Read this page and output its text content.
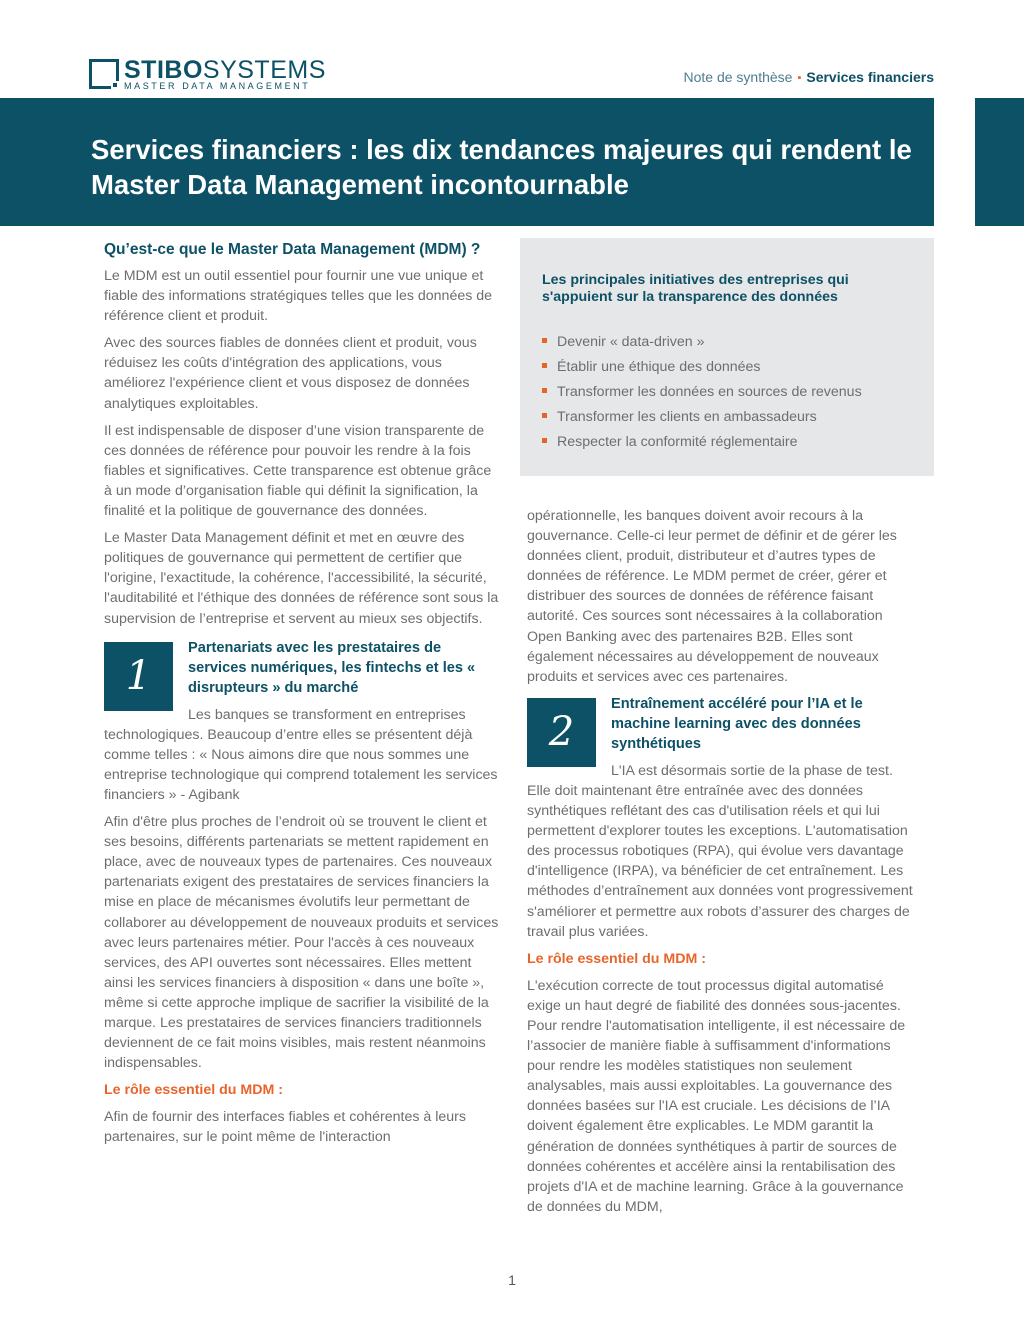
STIBOSYSTEMS
MASTER DATA MANAGEMENT
Note de synthèse ▪ Services financiers
Services financiers : les dix tendances majeures qui rendent le Master Data Management incontournable
Qu’est-ce que le Master Data Management (MDM) ?

Le MDM est un outil essentiel pour fournir une vue unique et fiable des informations stratégiques telles que les données de référence client et produit.

Avec des sources fiables de données client et produit, vous réduisez les coûts d'intégration des applications, vous améliorez l'expérience client et vous disposez de données analytiques exploitables.

Il est indispensable de disposer d’une vision transparente de ces données de référence pour pouvoir les rendre à la fois fiables et significatives. Cette transparence est obtenue grâce à un mode d’organisation fiable qui définit la signification, la finalité et la politique de gouvernance des données.

Le Master Data Management définit et met en œuvre des politiques de gouvernance qui permettent de certifier que l'origine, l'exactitude, la cohérence, l'accessibilité, la sécurité, l'auditabilité et l'éthique des données de référence sont sous la supervision de l’entreprise et servent au mieux ses objectifs.

1
Partenariats avec les prestataires de services numériques, les fintechs et les « disrupteurs » du marché

Les banques se transforment en entreprises technologiques. Beaucoup d’entre elles se présentent déjà comme telles : « Nous aimons dire que nous sommes une entreprise technologique qui comprend totalement les services financiers » - Agibank

Afin d'être plus proches de l’endroit où se trouvent le client et ses besoins, différents partenariats se mettent rapidement en place, avec de nouveaux types de partenaires. Ces nouveaux partenariats exigent des prestataires de services financiers la mise en place de mécanismes évolutifs leur permettant de collaborer au développement de nouveaux produits et services avec leurs partenaires métier. Pour l'accès à ces nouveaux services, des API ouvertes sont nécessaires. Elles mettent ainsi les services financiers à disposition « dans une boîte », même si cette approche implique de sacrifier la visibilité de la marque. Les prestataires de services financiers traditionnels deviennent de ce fait moins visibles, mais restent néanmoins indispensables.

Le rôle essentiel du MDM :

Afin de fournir des interfaces fiables et cohérentes à leurs partenaires, sur le point même de l'interaction

Les principales initiatives des entreprises qui s'appuient sur la transparence des données
Devenir « data-driven »
Établir une éthique des données
Transformer les données en sources de revenus
Transformer les clients en ambassadeurs
Respecter la conformité réglementaire

opérationnelle, les banques doivent avoir recours à la gouvernance. Celle-ci leur permet de définir et de gérer les données client, produit, distributeur et d’autres types de données de référence. Le MDM permet de créer, gérer et distribuer des sources de données de référence faisant autorité. Ces sources sont nécessaires à la collaboration Open Banking avec des partenaires B2B. Elles sont également nécessaires au développement de nouveaux produits et services avec ces partenaires.

2
Entraînement accéléré pour l’IA et le machine learning avec des données synthétiques

L'IA est désormais sortie de la phase de test. Elle doit maintenant être entraînée avec des données synthétiques reflétant des cas d'utilisation réels et qui lui permettent d'explorer toutes les exceptions. L'automatisation des processus robotiques (RPA), qui évolue vers davantage d'intelligence (IRPA), va bénéficier de cet entraînement. Les méthodes d’entraînement aux données vont progressivement s'améliorer et permettre aux robots d’assurer des charges de travail plus variées.

Le rôle essentiel du MDM :

L'exécution correcte de tout processus digital automatisé exige un haut degré de fiabilité des données sous-jacentes. Pour rendre l'automatisation intelligente, il est nécessaire de l’associer de manière fiable à suffisamment d'informations pour rendre les modèles statistiques non seulement analysables, mais aussi exploitables. La gouvernance des données basées sur l'IA est cruciale. Les décisions de l’IA doivent également être explicables. Le MDM garantit la génération de données synthétiques à partir de sources de données cohérentes et accélère ainsi la rentabilisation des projets d'IA et de machine learning. Grâce à la gouvernance de données du MDM,

1
